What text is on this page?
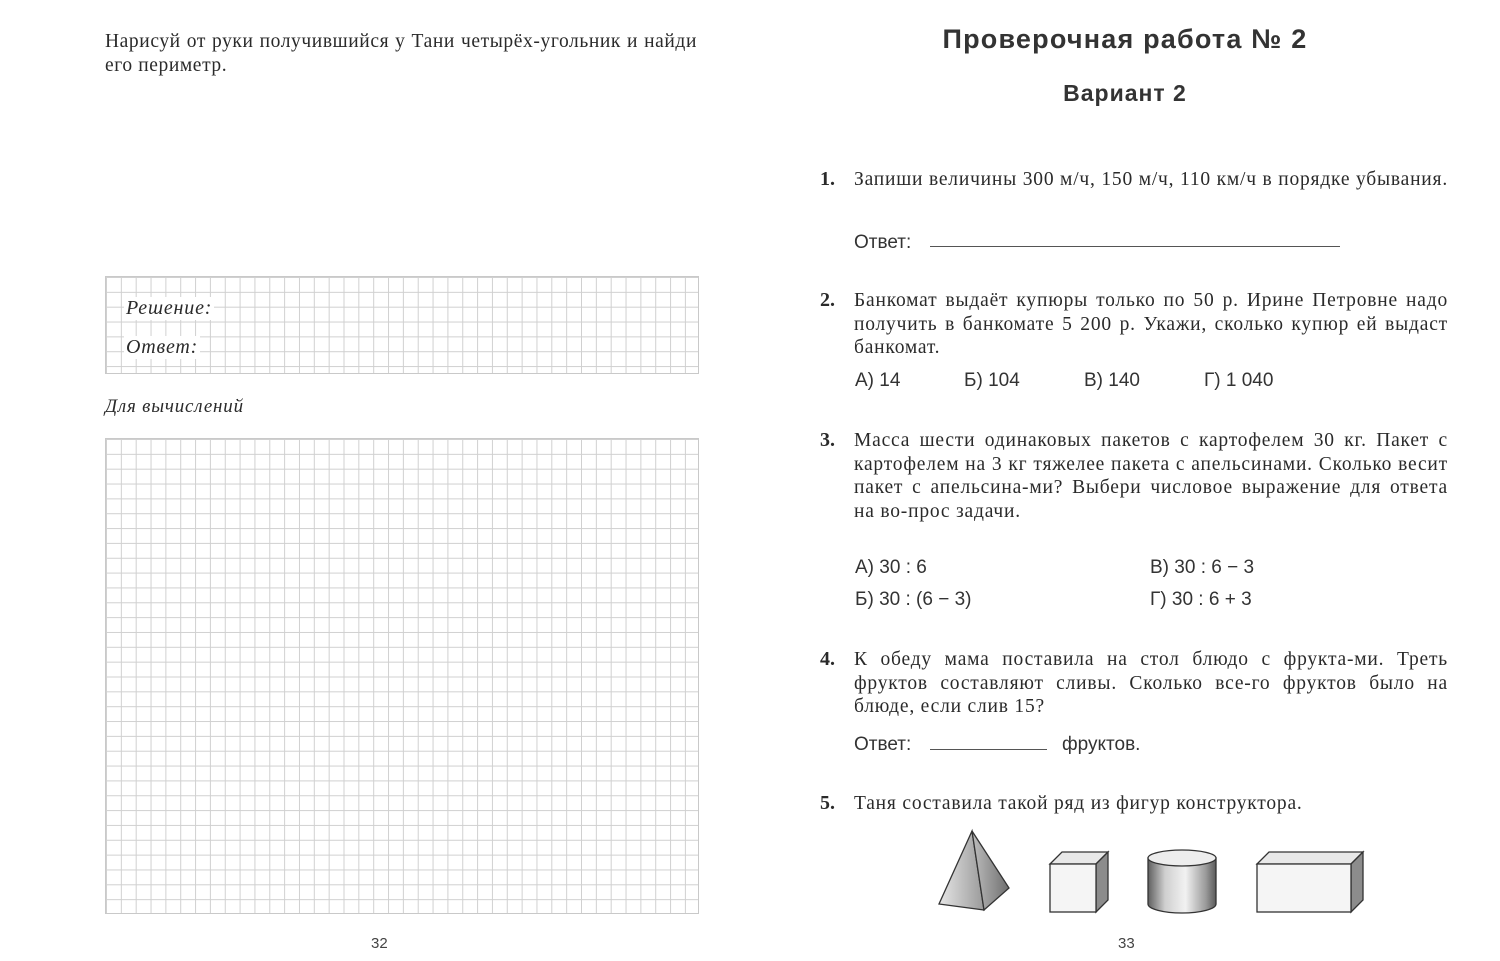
Нарисуй от руки получившийся у Тани четырёх-угольник и найди его периметр.
Решение:
Ответ:
Для вычислений
32
Проверочная работа № 2
Вариант 2
1. Запиши величины 300 м/ч, 150 м/ч, 110 км/ч в порядке убывания.
Ответ:
2. Банкомат выдаёт купюры только по 50 р. Ирине Петровне надо получить в банкомате 5 200 р. Укажи, сколько купюр ей выдаст банкомат.
А) 14	Б) 104	В) 140	Г) 1 040
3. Масса шести одинаковых пакетов с картофелем 30 кг. Пакет с картофелем на 3 кг тяжелее пакета с апельсинами. Сколько весит пакет с апельсина-ми? Выбери числовое выражение для ответа на во-прос задачи.
А) 30 : 6	В) 30 : 6 − 3
Б) 30 : (6 − 3)	Г) 30 : 6 + 3
4. К обеду мама поставила на стол блюдо с фрукта-ми. Треть фруктов составляют сливы. Сколько все-го фруктов было на блюде, если слив 15?
Ответ:	фруктов.
5. Таня составила такой ряд из фигур конструктора.
33
